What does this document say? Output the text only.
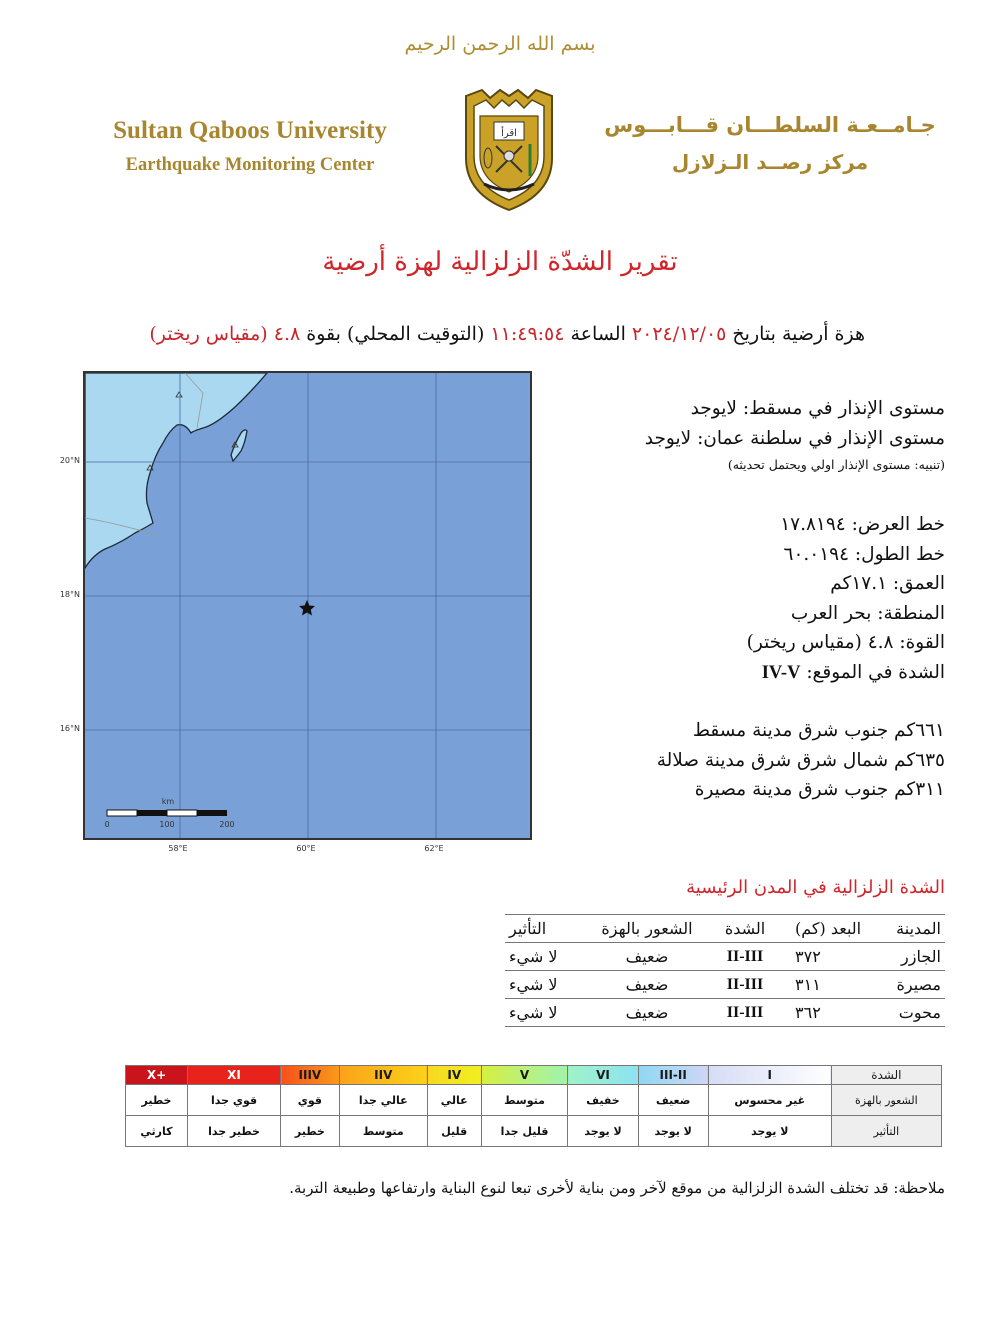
بسم الله الرحمن الرحيم
Sultan Qaboos University
Earthquake Monitoring Center
جـامــعـة السلطـــان قـــابـــوس
مركز رصــد الـزلازل
اقرأ
تقرير الشدّة الزلزالية لهزة أرضية
هزة أرضية بتاريخ ٢٠٢٤/١٢/٠٥ الساعة ١١:٤٩:٥٤ (التوقيت المحلي) بقوة ٤.٨ (مقياس ريختر)
km
0	100	200
20°N
18°N
16°N
58°E	60°E	62°E
مستوى الإنذار في مسقط: لايوجد
مستوى الإنذار في سلطنة عمان: لايوجد
(تنبيه: مستوى الإنذار اولي ويحتمل تحديثه)
خط العرض: ١٧.٨١٩٤
خط الطول: ٦٠.٠١٩٤
العمق: ١٧.١كم
المنطقة: بحر العرب
القوة: ٤.٨ (مقياس ريختر)
الشدة في الموقع: IV-V
٦٦١كم جنوب شرق مدينة مسقط
٦٣٥كم شمال شرق شرق مدينة صلالة
٣١١كم جنوب شرق مدينة مصيرة
الشدة الزلزالية في المدن الرئيسية
المدينة	البعد (كم)	الشدة	الشعور بالهزة	التأثير
الجازر	٣٧٢	II-III	ضعيف	لا شيء
مصيرة	٣١١	II-III	ضعيف	لا شيء
محوت	٣٦٢	II-III	ضعيف	لا شيء
الشدة	I	III-II	VI	V	IV	IIV	IIIV	XI	+X
الشعور بالهزة	غير محسوس	ضعيف	خفيف	متوسط	عالي	عالي جدا	قوي	قوي جدا	خطير
التأثير	لا يوجد	لا يوجد	لا يوجد	قليل جدا	قليل	متوسط	خطير	خطير جدا	كارثي
ملاحظة: قد تختلف الشدة الزلزالية من موقع لآخر ومن بناية لأخرى تبعا لنوع البناية وارتفاعها وطبيعة التربة.
